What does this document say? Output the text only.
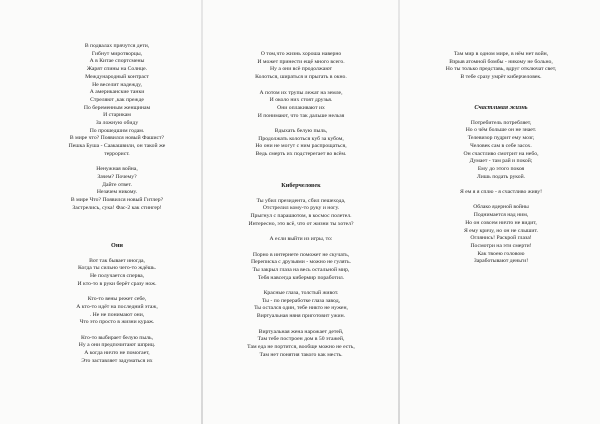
В подвалах прячутся дети,
Гибнут миротворцы,
А в Китае спортсмены
Жарят спины на Солнце.
Международный контраст
Не веселит надежду,
А американские танки
Стреляют ,как прежде
По беременным женщинам
И старикам
За ложную обиду
По прошедшим годам.
В мире что? Появился новый Фашист?
Пешка Буша - Саакашвили, он такой же
террорист.
Ненужная война,
Зачем? Почему?
Дайте ответ.
Незачем никому.
В мире Что? Появился новый Гитлер?
Застрелись, сука! Фас-2 как стингер!
Они
Вот так бывает иногда,
Когда ты сильно чего-то ждёшь.
Не получается сперва,
И кто-то в руки берёт сразу нож.
Кто-то вены режет себе,
А кто-то идёт на последний этаж,
. Не не понимают они,
Что это просто в жизни кураж.
Кто-то выбирает белую пыль,
Ну а они предпочитают шприц.
А когда ничто не помогает,
Это заставляет задуматься их
О том,что жизнь хороша наверно
И может принести ещё много всего.
Ну а они всё продолжают
Колоться, шираться и прыгать в окно.
А потом их трупы лежат на земле,
И около них стоят друзья.
Они оплакивают их
И понимают, что так дальше нельзя
Вдыхать белую пыль,
Продолжать колоться куб за кубом,
Но они не могут с ним распрощаться,
Ведь смерть их подстерегает во всём.
Киберчеловек
Ты убил президента, сбил пешехода,
Отстрелил кому-то руку и ногу.
Прыгнул с парашютом, в космос полетел.
Интересно, это всё, что от жизни ты хотел?
А если выйти из игры, то:
Порно в интернете поможет не скучать,
Переписка с друзьями - можно не гулять.
Ты закрыл глаза на весь остальной мир,
Тебя навсегда кибермир поработил.
Красные глаза, толстый живот.
Ты - по переработке глаза завод,
Ты остался один, тебе никто не нужен,
Виртуальная няня приготовит ужин.
Виртуальная жена нарожает детей,
Там тебе построен дом в 50 этажей,
Там еда не портится, вообще можно не есть,
Там нет понятия такого как месть.
Там мир в одном мире, в нём нет войн,
Взрыв атомной бомбы - никому не больно,
Но ты только представь, вдруг отключат свет,
В тебе сразу умрёт киберчеловек.
Счастливая жизнь
Потребитель потребляет,
Но о чём больше он не знает.
Телевизор пудрит ему мозг,
Человек сам в себе засох.
Он счастливо смотрит на небо,
Думает - там рай и покой;
Ему до этого покоя
Лишь подать рукой.
Я ем я я сплю - я счастливо живу!
Облако ядерной войны
Поднимается над ним,
Но он совсем ничто не видит,
Я ему кричу, но он не слышит.
Оглянись! Раскрой глаза!
Посмотри на эти смерти!
Как твоею головою
Заработывают деньги!
